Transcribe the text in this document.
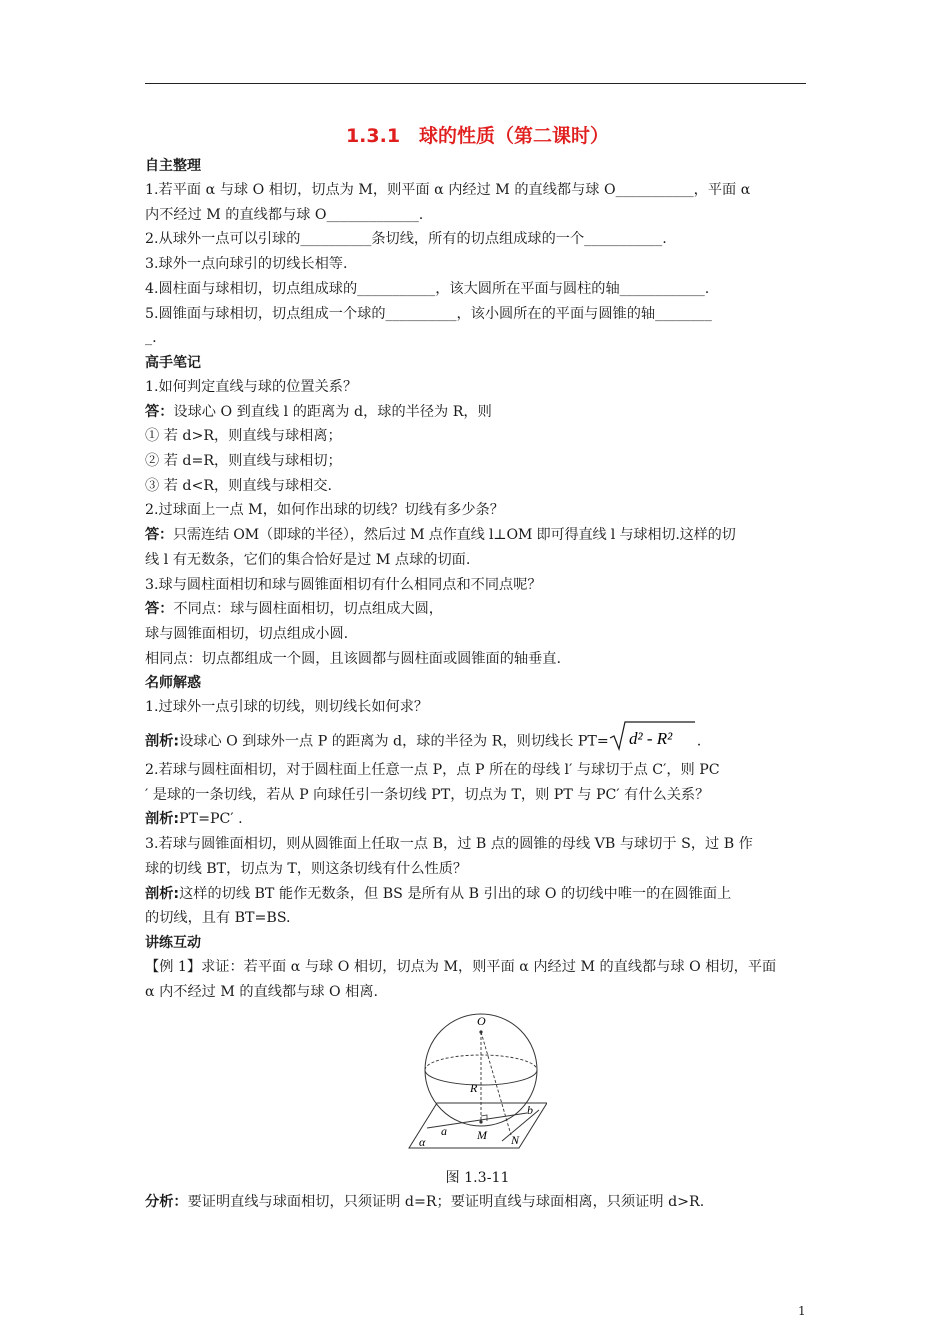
1.3.1　球的性质（第二课时）
自主整理
1.若平面 α 与球 O 相切，切点为 M，则平面 α 内经过 M 的直线都与球 O___________，平面 α
内不经过 M 的直线都与球 O_____________.
2.从球外一点可以引球的__________条切线，所有的切点组成球的一个___________.
3.球外一点向球引的切线长相等.
4.圆柱面与球相切，切点组成球的___________，该大圆所在平面与圆柱的轴____________.
5.圆锥面与球相切，切点组成一个球的__________，该小圆所在的平面与圆锥的轴________
_.
高手笔记
1.如何判定直线与球的位置关系？
答：设球心 O 到直线 l 的距离为 d，球的半径为 R，则
① 若 d>R，则直线与球相离；
② 若 d=R，则直线与球相切；
③ 若 d<R，则直线与球相交.
2.过球面上一点 M，如何作出球的切线？切线有多少条？
答：只需连结 OM（即球的半径），然后过 M 点作直线 l⊥OM 即可得直线 l 与球相切.这样的切
线 l 有无数条，它们的集合恰好是过 M 点球的切面.
3.球与圆柱面相切和球与圆锥面相切有什么相同点和不同点呢？
答：不同点：球与圆柱面相切，切点组成大圆，
球与圆锥面相切，切点组成小圆.
相同点：切点都组成一个圆，且该圆都与圆柱面或圆锥面的轴垂直.
名师解惑
1.过球外一点引球的切线，则切线长如何求？
剖析:设球心 O 到球外一点 P 的距离为 d，球的半径为 R，则切线长 PT= d² - R² .
2.若球与圆柱面相切，对于圆柱面上任意一点 P，点 P 所在的母线 l′ 与球切于点 C′，则 PC
′ 是球的一条切线，若从 P 向球任引一条切线 PT，切点为 T，则 PT 与 PC′ 有什么关系？
剖析:PT=PC′ .
3.若球与圆锥面相切，则从圆锥面上任取一点 B，过 B 点的圆锥的母线 VB 与球切于 S，过 B 作
球的切线 BT，切点为 T，则这条切线有什么性质？
剖析:这样的切线 BT 能作无数条，但 BS 是所有从 B 引出的球 O 的切线中唯一的在圆锥面上
的切线，且有 BT=BS.
讲练互动
【例 1】求证：若平面 α 与球 O 相切，切点为 M，则平面 α 内经过 M 的直线都与球 O 相切，平面
α 内不经过 M 的直线都与球 O 相离.
O
R
M N
a
b
α
图 1.3-11
分析：要证明直线与球面相切，只须证明 d=R；要证明直线与球面相离，只须证明 d>R.
1
